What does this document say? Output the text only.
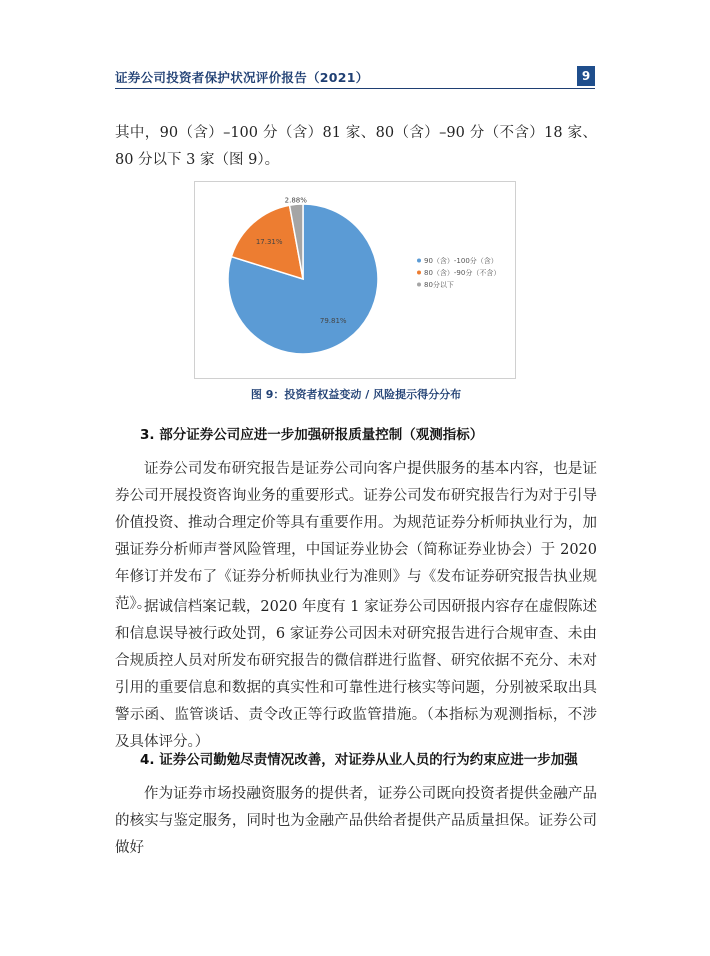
证券公司投资者保护状况评价报告（2021）	9

其中，90（含）–100 分（含）81 家、80（含）–90 分（不含）18 家、80 分以下 3 家（图 9）。

79.81%
17.31%
2.88%
90（含）-100分（含）
80（含）-90分（不含）
80分以下
图 9：投资者权益变动 / 风险提示得分分布
3. 部分证券公司应进一步加强研报质量控制（观测指标）

证券公司发布研究报告是证券公司向客户提供服务的基本内容，也是证券公司开展投资咨询业务的重要形式。证券公司发布研究报告行为对于引导价值投资、推动合理定价等具有重要作用。为规范证券分析师执业行为，加强证券分析师声誉风险管理，中国证券业协会（简称证券业协会）于 2020 年修订并发布了《证券分析师执业行为准则》与《发布证券研究报告执业规范》。

据诚信档案记载，2020 年度有 1 家证券公司因研报内容存在虚假陈述和信息误导被行政处罚，6 家证券公司因未对研究报告进行合规审查、未由合规质控人员对所发布研究报告的微信群进行监督、研究依据不充分、未对引用的重要信息和数据的真实性和可靠性进行核实等问题，分别被采取出具警示函、监管谈话、责令改正等行政监管措施。（本指标为观测指标，不涉及具体评分。）

4. 证券公司勤勉尽责情况改善，对证券从业人员的行为约束应进一步加强

作为证券市场投融资服务的提供者，证券公司既向投资者提供金融产品的核实与鉴定服务，同时也为金融产品供给者提供产品质量担保。证券公司做好
